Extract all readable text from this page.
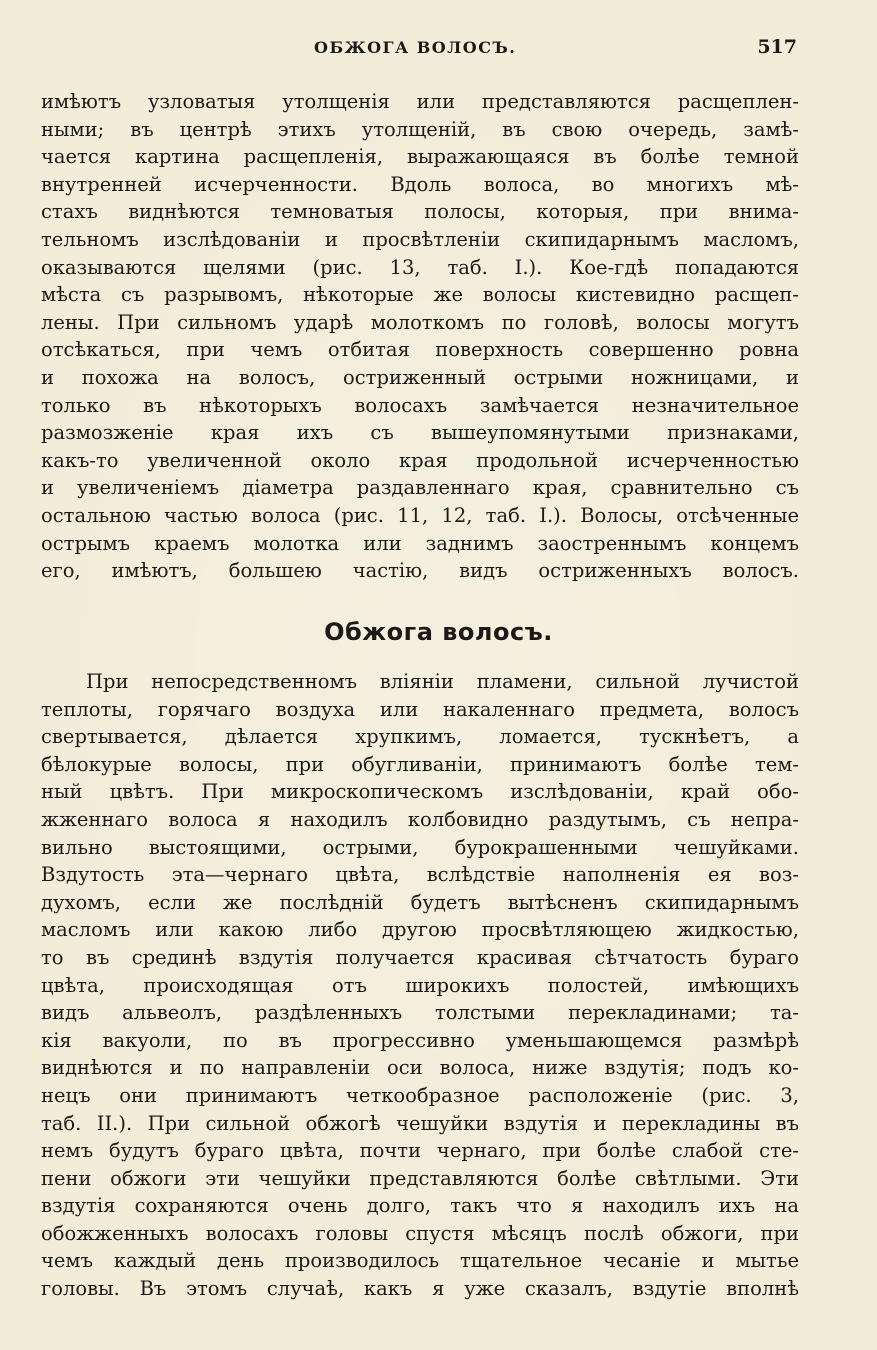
ОБЖОГА ВОЛОСЪ.	517
имѣютъ узловатыя утолщенія или представляются расщеплен-
ными; въ центрѣ этихъ утолщеній, въ свою очередь, замѣ-
чается картина расщепленія, выражающаяся въ болѣе темной
внутренней исчерченности. Вдоль волоса, во многихъ мѣ-
стахъ виднѣются темноватыя полосы, которыя, при внима-
тельномъ изслѣдованіи и просвѣтленіи скипидарнымъ масломъ,
оказываются щелями (рис. 13, таб. I.). Кое-гдѣ попадаются
мѣста съ разрывомъ, нѣкоторые же волосы кистевидно расщеп-
лены. При сильномъ ударѣ молоткомъ по головѣ, волосы могутъ
отсѣкаться, при чемъ отбитая поверхность совершенно ровна
и похожа на волосъ, остриженный острыми ножницами, и
только въ нѣкоторыхъ волосахъ замѣчается незначительное
размозженіе края ихъ съ вышеупомянутыми признаками,
какъ-то увеличенной около края продольной исчерченностью
и увеличеніемъ діаметра раздавленнаго края, сравнительно съ
остальною частью волоса (рис. 11, 12, таб. I.). Волосы, отсѣченные
острымъ краемъ молотка или заднимъ заостреннымъ концемъ
его, имѣютъ, большею частію, видъ остриженныхъ волосъ.
Обжога волосъ.
При непосредственномъ вліяніи пламени, сильной лучистой
теплоты, горячаго воздуха или накаленнаго предмета, волосъ
свертывается, дѣлается хрупкимъ, ломается, тускнѣетъ, а
бѣлокурые волосы, при обугливаніи, принимаютъ болѣе тем-
ный цвѣтъ. При микроскопическомъ изслѣдованіи, край обо-
жженнаго волоса я находилъ колбовидно раздутымъ, съ непра-
вильно выстоящими, острыми, бурокрашенными чешуйками.
Вздутость эта—чернаго цвѣта, вслѣдствіе наполненія ея воз-
духомъ, если же послѣдній будетъ вытѣсненъ скипидарнымъ
масломъ или какою либо другою просвѣтляющею жидкостью,
то въ срединѣ вздутія получается красивая сѣтчатость бураго
цвѣта, происходящая отъ широкихъ полостей, имѣющихъ
видъ альвеолъ, раздѣленныхъ толстыми перекладинами; та-
кія вакуоли, по въ прогрессивно уменьшающемся размѣрѣ
виднѣются и по направленіи оси волоса, ниже вздутія; подъ ко-
нецъ они принимаютъ четкообразное расположеніе (рис. 3,
таб. II.). При сильной обжогѣ чешуйки вздутія и перекладины въ
немъ будутъ бураго цвѣта, почти чернаго, при болѣе слабой сте-
пени обжоги эти чешуйки представляются болѣе свѣтлыми. Эти
вздутія сохраняются очень долго, такъ что я находилъ ихъ на
обожженныхъ волосахъ головы спустя мѣсяцъ послѣ обжоги, при
чемъ каждый день производилось тщательное чесаніе и мытье
головы. Въ этомъ случаѣ, какъ я уже сказалъ, вздутіе вполнѣ
